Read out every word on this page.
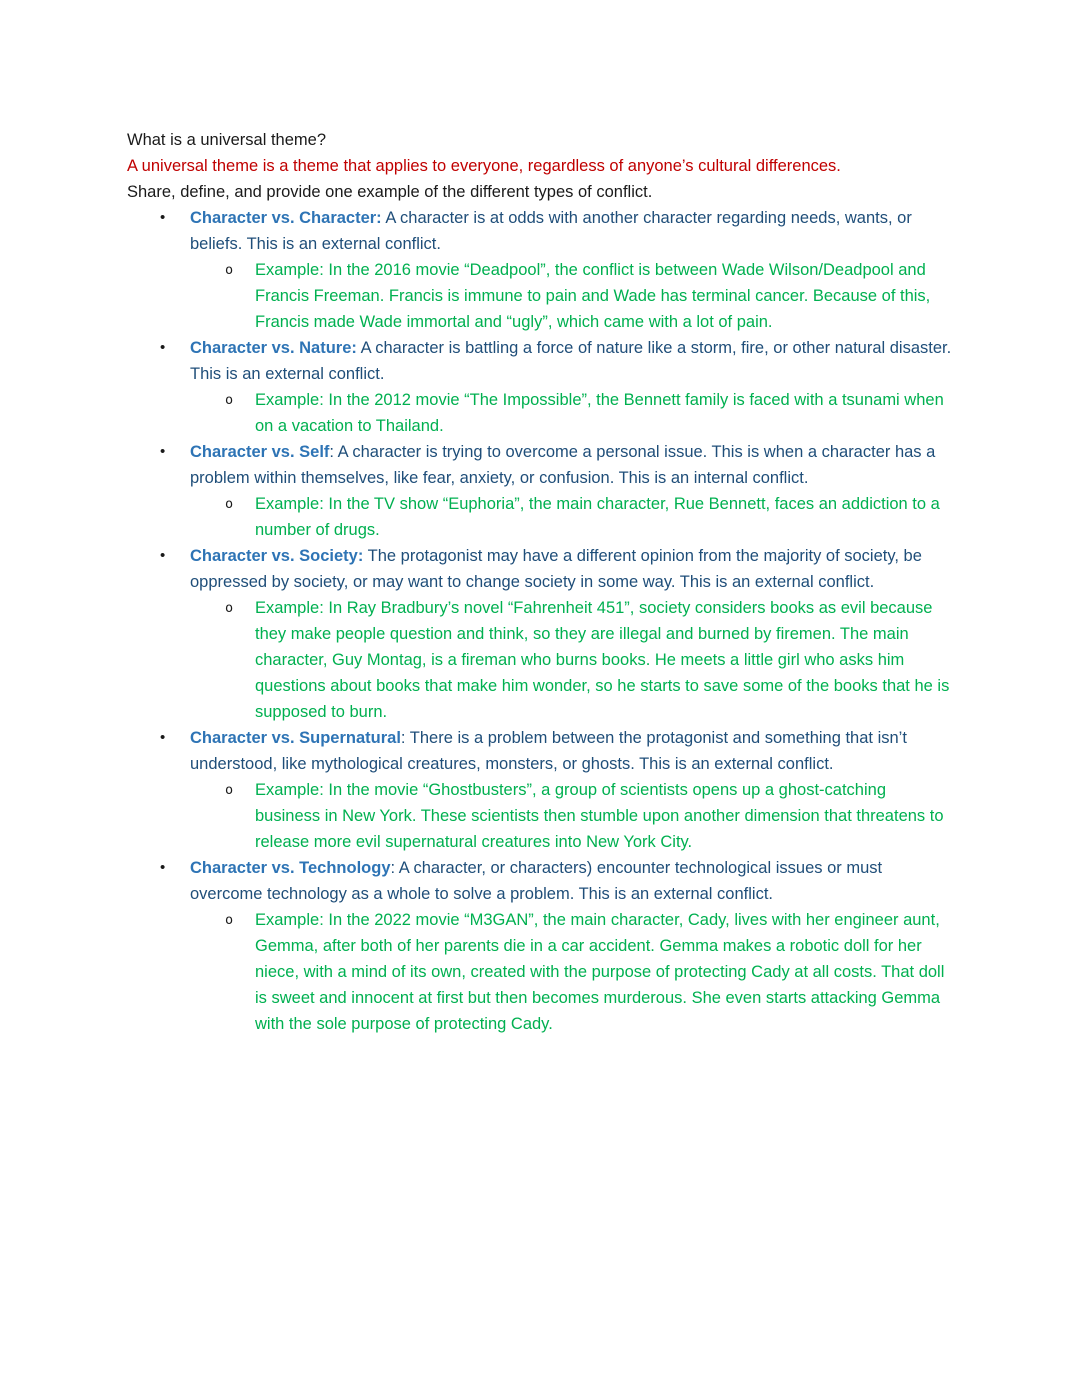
What is a universal theme?

A universal theme is a theme that applies to everyone, regardless of anyone’s cultural differences.

Share, define, and provide one example of the different types of conflict.

•	Character vs. Character: A character is at odds with another character regarding needs, wants, or beliefs. This is an external conflict.
o	Example: In the 2016 movie “Deadpool”, the conflict is between Wade Wilson/Deadpool and Francis Freeman. Francis is immune to pain and Wade has terminal cancer. Because of this, Francis made Wade immortal and “ugly”, which came with a lot of pain.
•	Character vs. Nature: A character is battling a force of nature like a storm, fire, or other natural disaster. This is an external conflict.
o	Example: In the 2012 movie “The Impossible”, the Bennett family is faced with a tsunami when on a vacation to Thailand.
•	Character vs. Self: A character is trying to overcome a personal issue. This is when a character has a problem within themselves, like fear, anxiety, or confusion. This is an internal conflict.
o	Example: In the TV show “Euphoria”, the main character, Rue Bennett, faces an addiction to a number of drugs.
•	Character vs. Society: The protagonist may have a different opinion from the majority of society, be oppressed by society, or may want to change society in some way. This is an external conflict.
o	Example: In Ray Bradbury’s novel “Fahrenheit 451”, society considers books as evil because they make people question and think, so they are illegal and burned by firemen. The main character, Guy Montag, is a fireman who burns books. He meets a little girl who asks him questions about books that make him wonder, so he starts to save some of the books that he is supposed to burn.
•	Character vs. Supernatural: There is a problem between the protagonist and something that isn’t understood, like mythological creatures, monsters, or ghosts. This is an external conflict.
o	Example: In the movie “Ghostbusters”, a group of scientists opens up a ghost-catching business in New York. These scientists then stumble upon another dimension that threatens to release more evil supernatural creatures into New York City.
•	Character vs. Technology: A character, or characters) encounter technological issues or must overcome technology as a whole to solve a problem. This is an external conflict.
o	Example: In the 2022 movie “M3GAN”, the main character, Cady, lives with her engineer aunt, Gemma, after both of her parents die in a car accident. Gemma makes a robotic doll for her niece, with a mind of its own, created with the purpose of protecting Cady at all costs. That doll is sweet and innocent at first but then becomes murderous. She even starts attacking Gemma with the sole purpose of protecting Cady.
